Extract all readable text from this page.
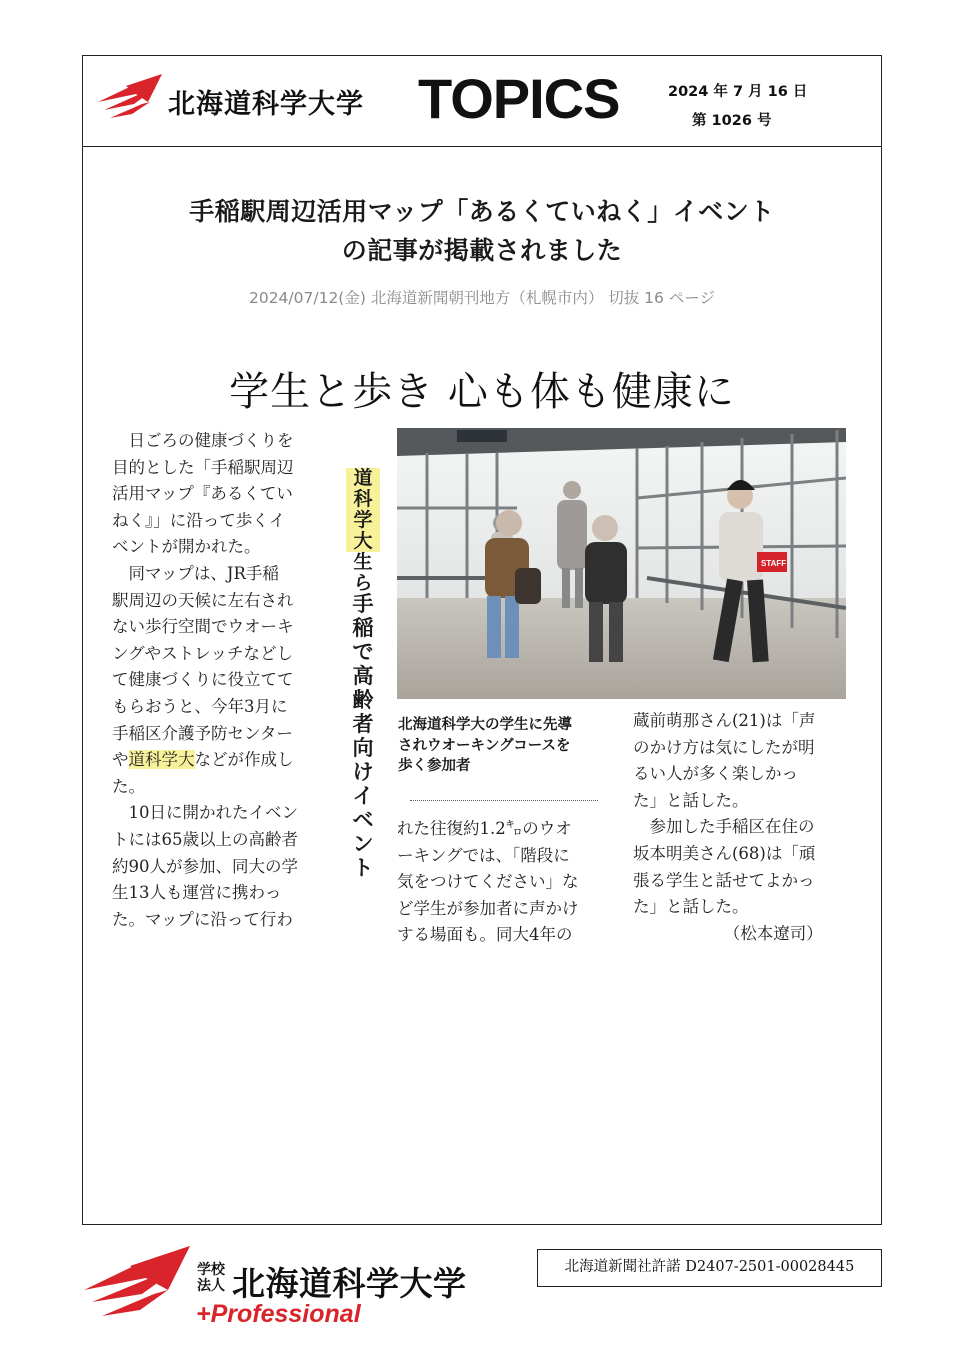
北海道科学大学 TOPICS	2024 年 7 月 16 日
第 1026 号
手稲駅周辺活用マップ「あるくていねく」イベント
の記事が掲載されました
2024/07/12(金) 北海道新聞朝刊地方（札幌市内） 切抜 16 ページ
学生と歩き 心も体も健康に
　日ごろの健康づくりを
目的とした「手稲駅周辺
活用マップ『あるくてい
ねく』」に沿って歩くイ
ベントが開かれた。
　同マップは、JR手稲
駅周辺の天候に左右され
ない歩行空間でウオーキ
ングやストレッチなどし
て健康づくりに役立てて
もらおうと、今年3月に
手稲区介護予防センター
や道科学大などが作成し
た。
　10日に開かれたイベン
トには65歳以上の高齢者
約90人が参加、同大の学
生13人も運営に携わっ
た。マップに沿って行わ
道
科
学
大
生
ら
手
稲
で
高
齢
者
向
け
イ
ベ
ン
ト
STAFF
北海道科学大の学生に先導
されウオーキングコースを
歩く参加者
れた往復約1.2㌔のウオ
ーキングでは、「階段に
気をつけてください」な
ど学生が参加者に声かけ
する場面も。同大4年の
蔵前萌那さん(21)は「声
のかけ方は気にしたが明
るい人が多く楽しかっ
た」と話した。
　参加した手稲区在住の
坂本明美さん(68)は「頑
張る学生と話せてよかっ
た」と話した。
　　　　　　（松本遼司）
学校
法人 北海道科学大学
+Professional
北海道新聞社許諾 D2407-2501-00028445
